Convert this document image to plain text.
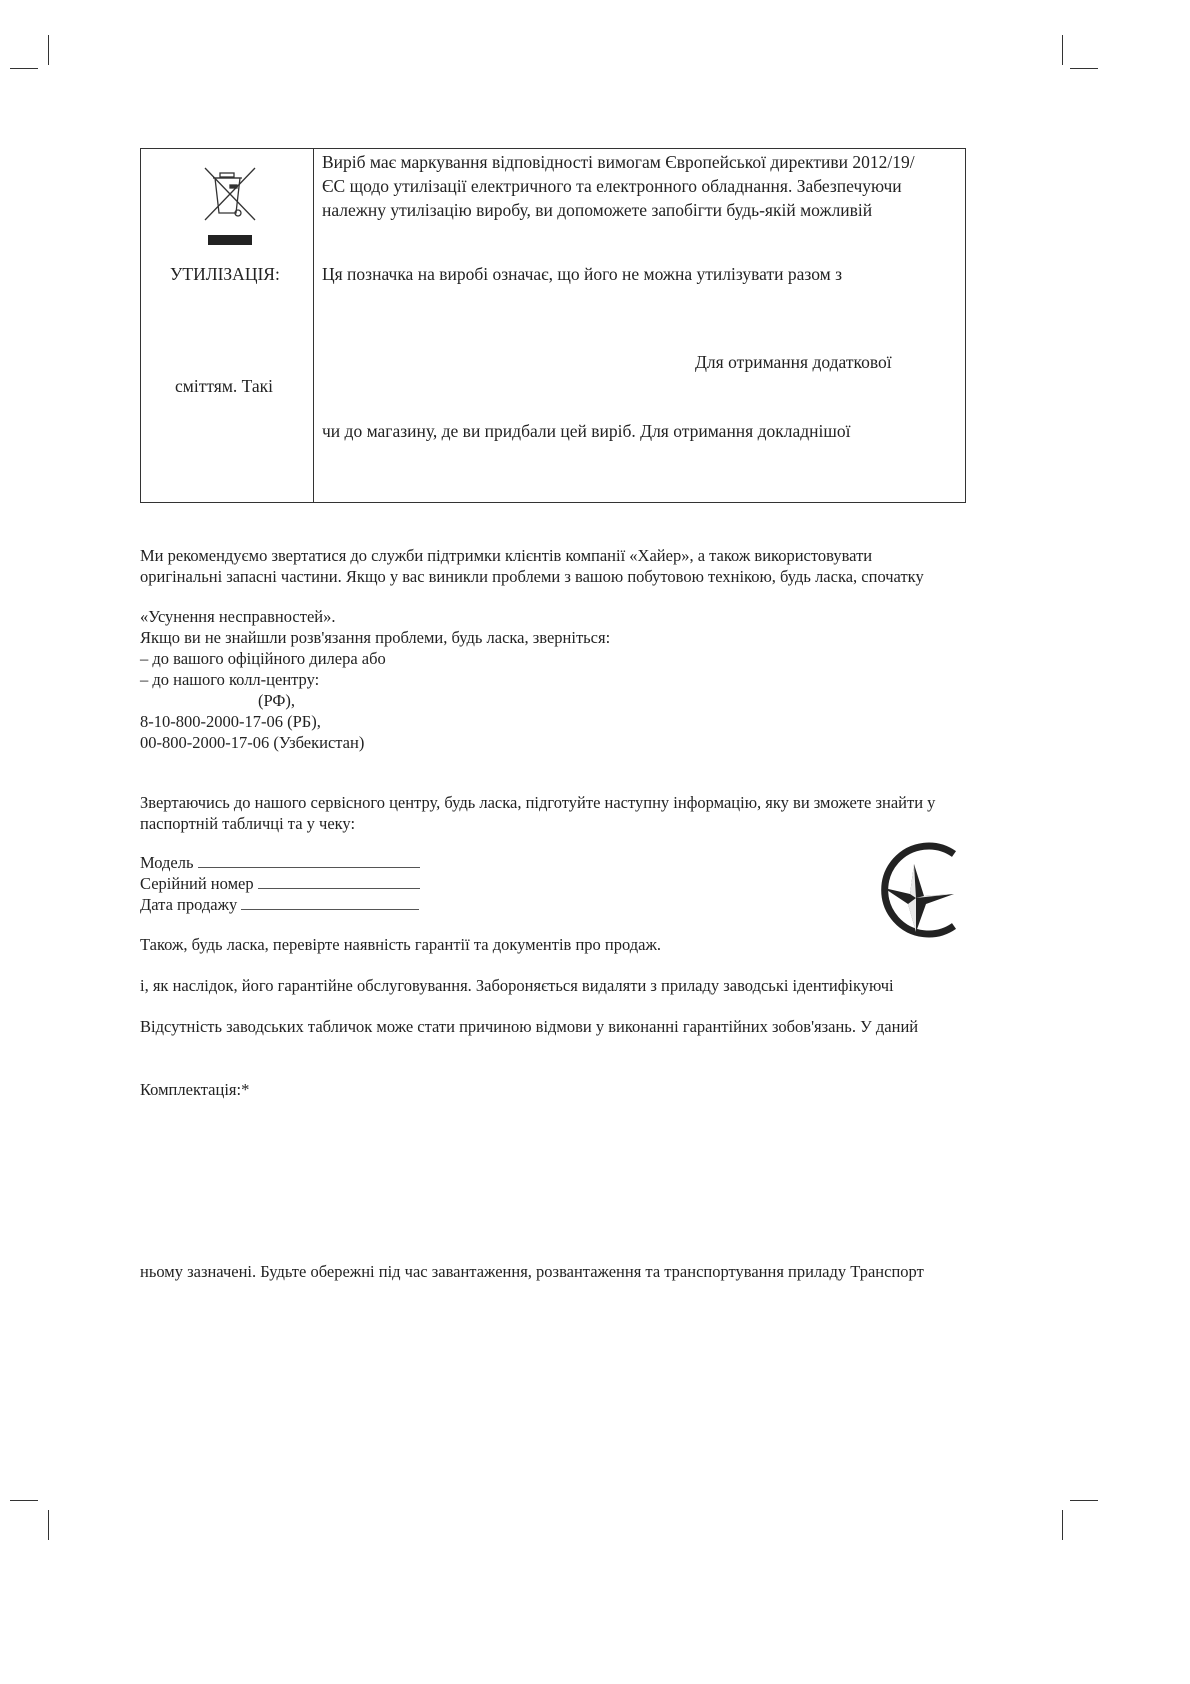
УТИЛІЗАЦІЯ:
сміттям. Такі
Виріб має маркування відповідності вимогам Європейської директиви 2012/19/
ЄС щодо утилізації електричного та електронного обладнання. Забезпечуючи
належну утилізацію виробу, ви допоможете запобігти будь-якій можливій
Ця позначка на виробі означає, що його не можна утилізувати разом з
Для отримання додаткової
чи до магазину, де ви придбали цей виріб. Для отримання докладнішої
Ми рекомендуємо звертатися до служби підтримки клієнтів компанії «Хайер», а також використовувати
оригінальні запасні частини. Якщо у вас виникли проблеми з вашою побутовою технікою, будь ласка, спочатку
«Усунення несправностей».
Якщо ви не знайшли розв'язання проблеми, будь ласка, зверніться:
– до вашого офіційного дилера або
– до нашого колл-центру:
(РФ),
8-10-800-2000-17-06 (РБ),
00-800-2000-17-06 (Узбекистан)
Звертаючись до нашого сервісного центру, будь ласка, підготуйте наступну інформацію, яку ви зможете знайти у
паспортній табличці та у чеку:
Модель
Серійний номер
Дата продажу
Також, будь ласка, перевірте наявність гарантії та документів про продаж.
і, як наслідок, його гарантійне обслуговування. Забороняється видаляти з приладу заводські ідентифікуючі
Відсутність заводських табличок може стати причиною відмови у виконанні гарантійних зобов'язань. У даний
Комплектація:*
ньому зазначені. Будьте обережні під час завантаження, розвантаження та транспортування приладу Транспорт
